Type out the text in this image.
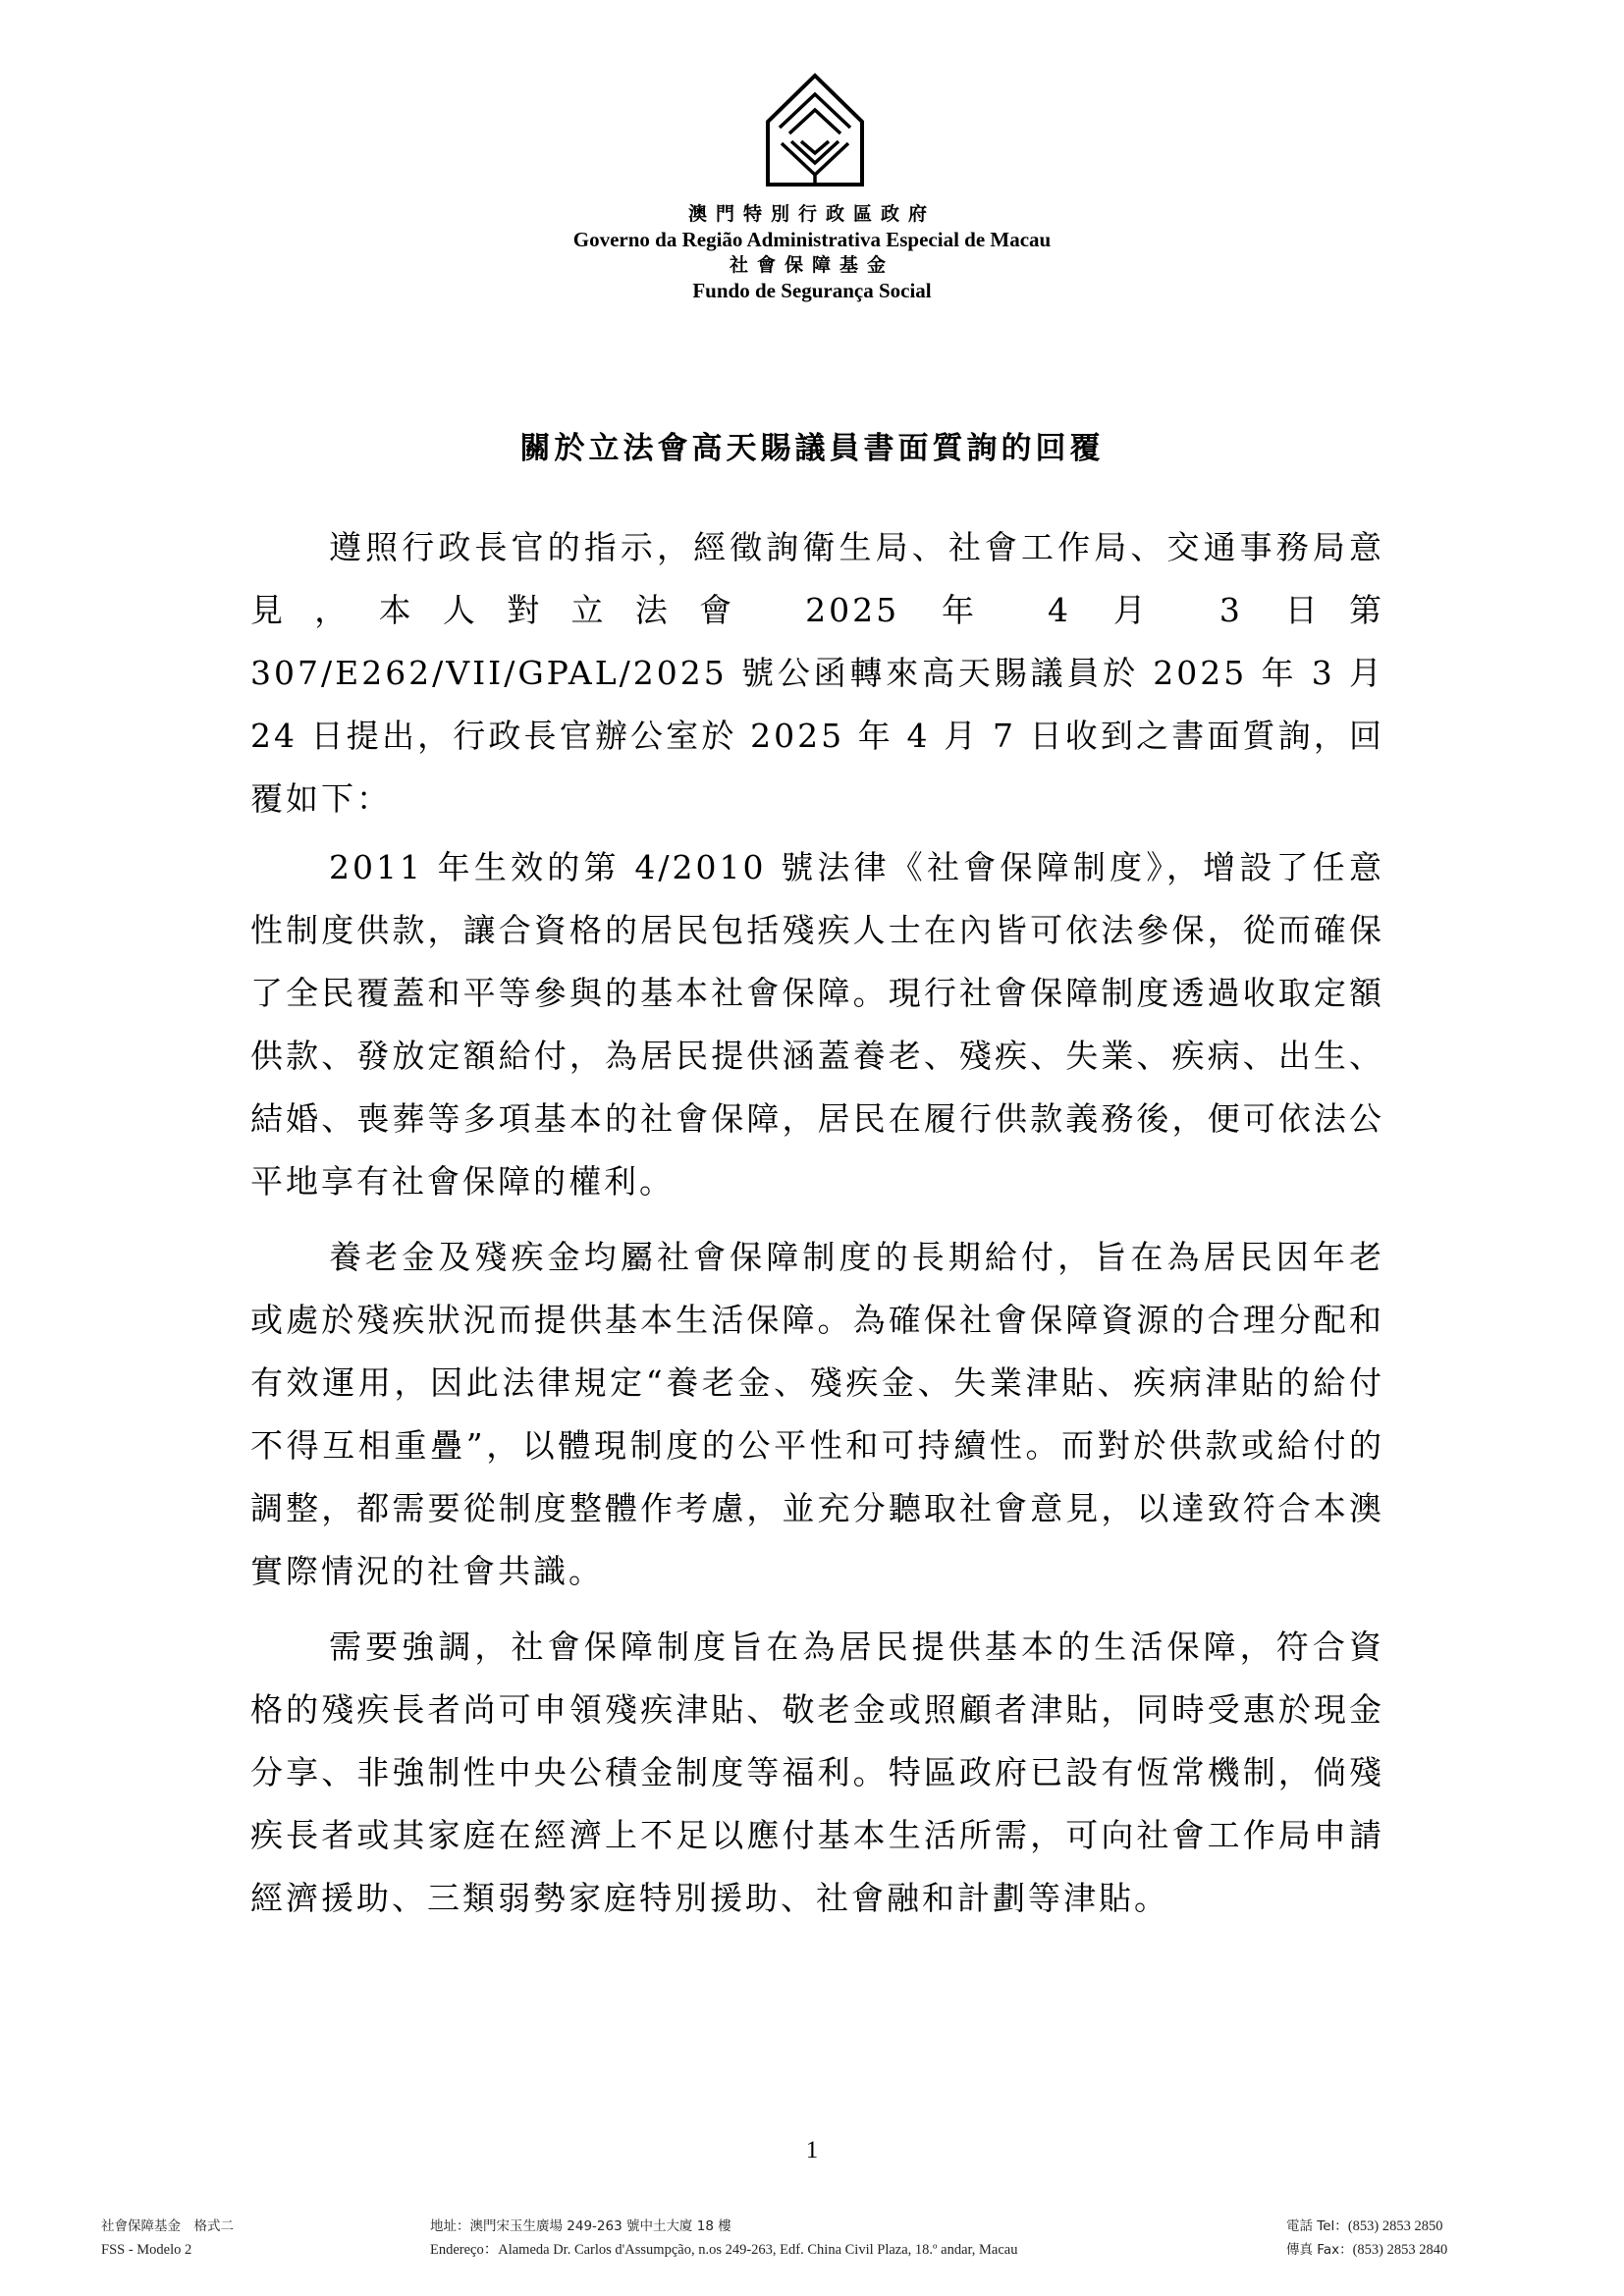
澳門特別行政區政府
Governo da Região Administrativa Especial de Macau
社會保障基金
Fundo de Segurança Social
關於立法會高天賜議員書面質詢的回覆

遵照行政長官的指示，經徵詢衛生局、社會工作局、交通事務局意見，本人對立法會 2025 年 4 月 3 日第 307/E262/VII/GPAL/2025 號公函轉來高天賜議員於 2025 年 3 月 24 日提出，行政長官辦公室於 2025 年 4 月 7 日收到之書面質詢，回覆如下：

2011 年生效的第 4/2010 號法律《社會保障制度》，增設了任意性制度供款，讓合資格的居民包括殘疾人士在內皆可依法參保，從而確保了全民覆蓋和平等參與的基本社會保障。現行社會保障制度透過收取定額供款、發放定額給付，為居民提供涵蓋養老、殘疾、失業、疾病、出生、結婚、喪葬等多項基本的社會保障，居民在履行供款義務後，便可依法公平地享有社會保障的權利。

養老金及殘疾金均屬社會保障制度的長期給付，旨在為居民因年老或處於殘疾狀況而提供基本生活保障。為確保社會保障資源的合理分配和有效運用，因此法律規定“養老金、殘疾金、失業津貼、疾病津貼的給付不得互相重疊”，以體現制度的公平性和可持續性。而對於供款或給付的調整，都需要從制度整體作考慮，並充分聽取社會意見，以達致符合本澳實際情況的社會共識。

需要強調，社會保障制度旨在為居民提供基本的生活保障，符合資格的殘疾長者尚可申領殘疾津貼、敬老金或照顧者津貼，同時受惠於現金分享、非強制性中央公積金制度等福利。特區政府已設有恆常機制，倘殘疾長者或其家庭在經濟上不足以應付基本生活所需，可向社會工作局申請經濟援助、三類弱勢家庭特別援助、社會融和計劃等津貼。

1
社會保障基金　格式二
FSS - Modelo 2
地址：澳門宋玉生廣場 249-263 號中土大廈 18 樓
Endereço：Alameda Dr. Carlos d'Assumpção, n.os 249-263, Edf. China Civil Plaza, 18.º andar, Macau
電話 Tel：(853) 2853 2850
傳真 Fax：(853) 2853 2840
